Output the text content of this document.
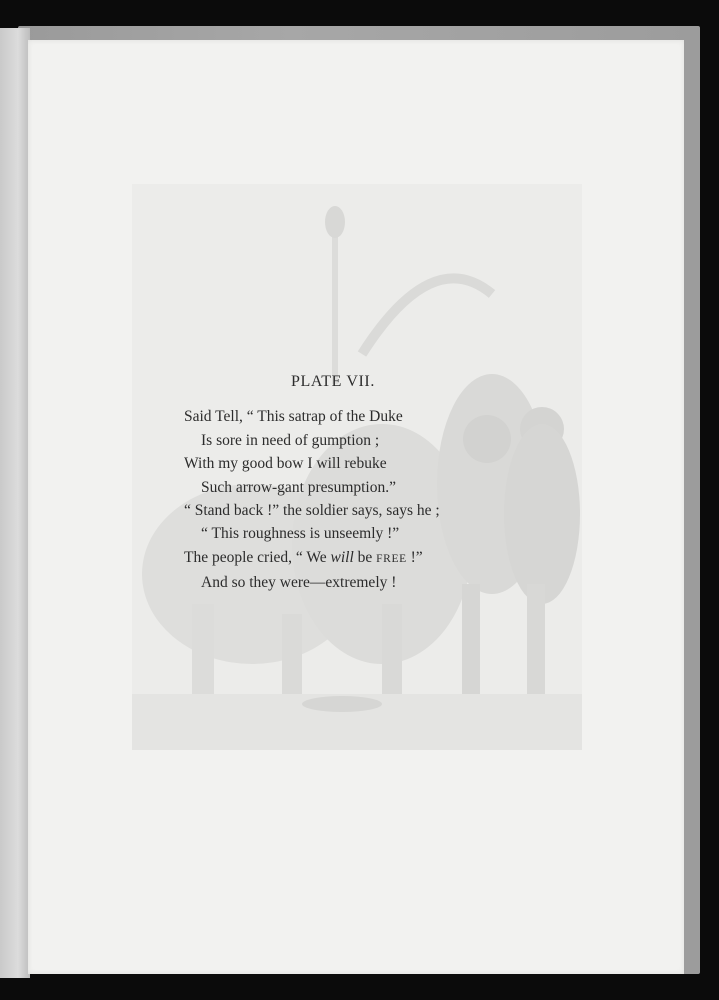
PLATE VII.
Said Tell, “ This satrap of the Duke
Is sore in need of gumption ;
With my good bow I will rebuke
Such arrow-gant presumption.”
“ Stand back !” the soldier says, says he ;
“ This roughness is unseemly !”
The people cried, “ We will be FREE !”
And so they were—extremely !
